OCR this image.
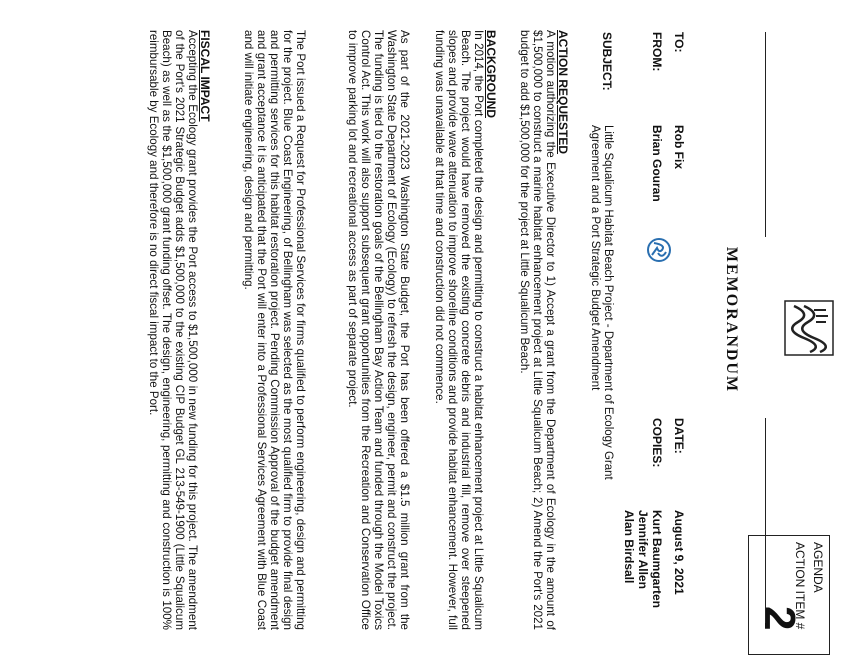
MEMORANDUM
AGENDA
ACTION ITEM #
2
TO:
Rob Fix
DATE:
August 9, 2021
FROM:
Brian Gouran
COPIES:
Kurt Baumgarten
Jennifer Allen
Alan Birdsall
SUBJECT:
Little Squalicum Habitat Beach Project - Department of Ecology Grant
Agreement and a Port Strategic Budget Amendment
ACTION REQUESTED
A motion authorizing the Executive Director to 1) Accept a grant from the Department of Ecology in the amount of $1,500,000 to construct a marine habitat enhancement project at Little Squalicum Beach; 2) Amend the Port's 2021 budget to add $1,500,000 for the project at Little Squalicum Beach.
BACKGROUND
In 2014, the Port completed the design and permitting to construct a habitat enhancement project at Little Squalicum Beach. The project would have removed the existing concrete debris and industrial fill, remove over steepened slopes and provide wave attenuation to improve shoreline conditions and provide habitat enhancement. However, full funding was unavailable at that time and construction did not commence.
As part of the 2021-2023 Washington State Budget, the Port has been offered a $1.5 million grant from the Washington State Department of Ecology (Ecology) to refresh the design, engineer, permit and construct the project. The funding is tied to the restoration goals of the Bellingham Bay Action Team and funded through the Model Toxics Control Act. This work will also support subsequent grant opportunities from the Recreation and Conservation Office to improve parking lot and recreational access as part of separate project.
The Port issued a Request for Professional Services for firms qualified to perform engineering, design and permitting for the project. Blue Coast Engineering, of Bellingham was selected as the most qualified firm to provide final design and permitting services for this habitat restoration project. Pending Commission Approval of the budget amendment and grant acceptance it is anticipated that the Port will enter into a Professional Services Agreement with Blue Coast and will initiate engineering, design and permitting.
FISCAL IMPACT
Accepting the Ecology grant provides the Port access to $1,500,000 in new funding for this project. The amendment of the Port's 2021 Strategic Budget adds $1,500,000 to the existing CIP Budget GL 213-549-1900 (Little Squalicum Beach) as well as the $1,500,000 grant funding offset. The design, engineering, permitting and construction is 100% reimbursable by Ecology and therefore is no direct fiscal impact to the Port.
